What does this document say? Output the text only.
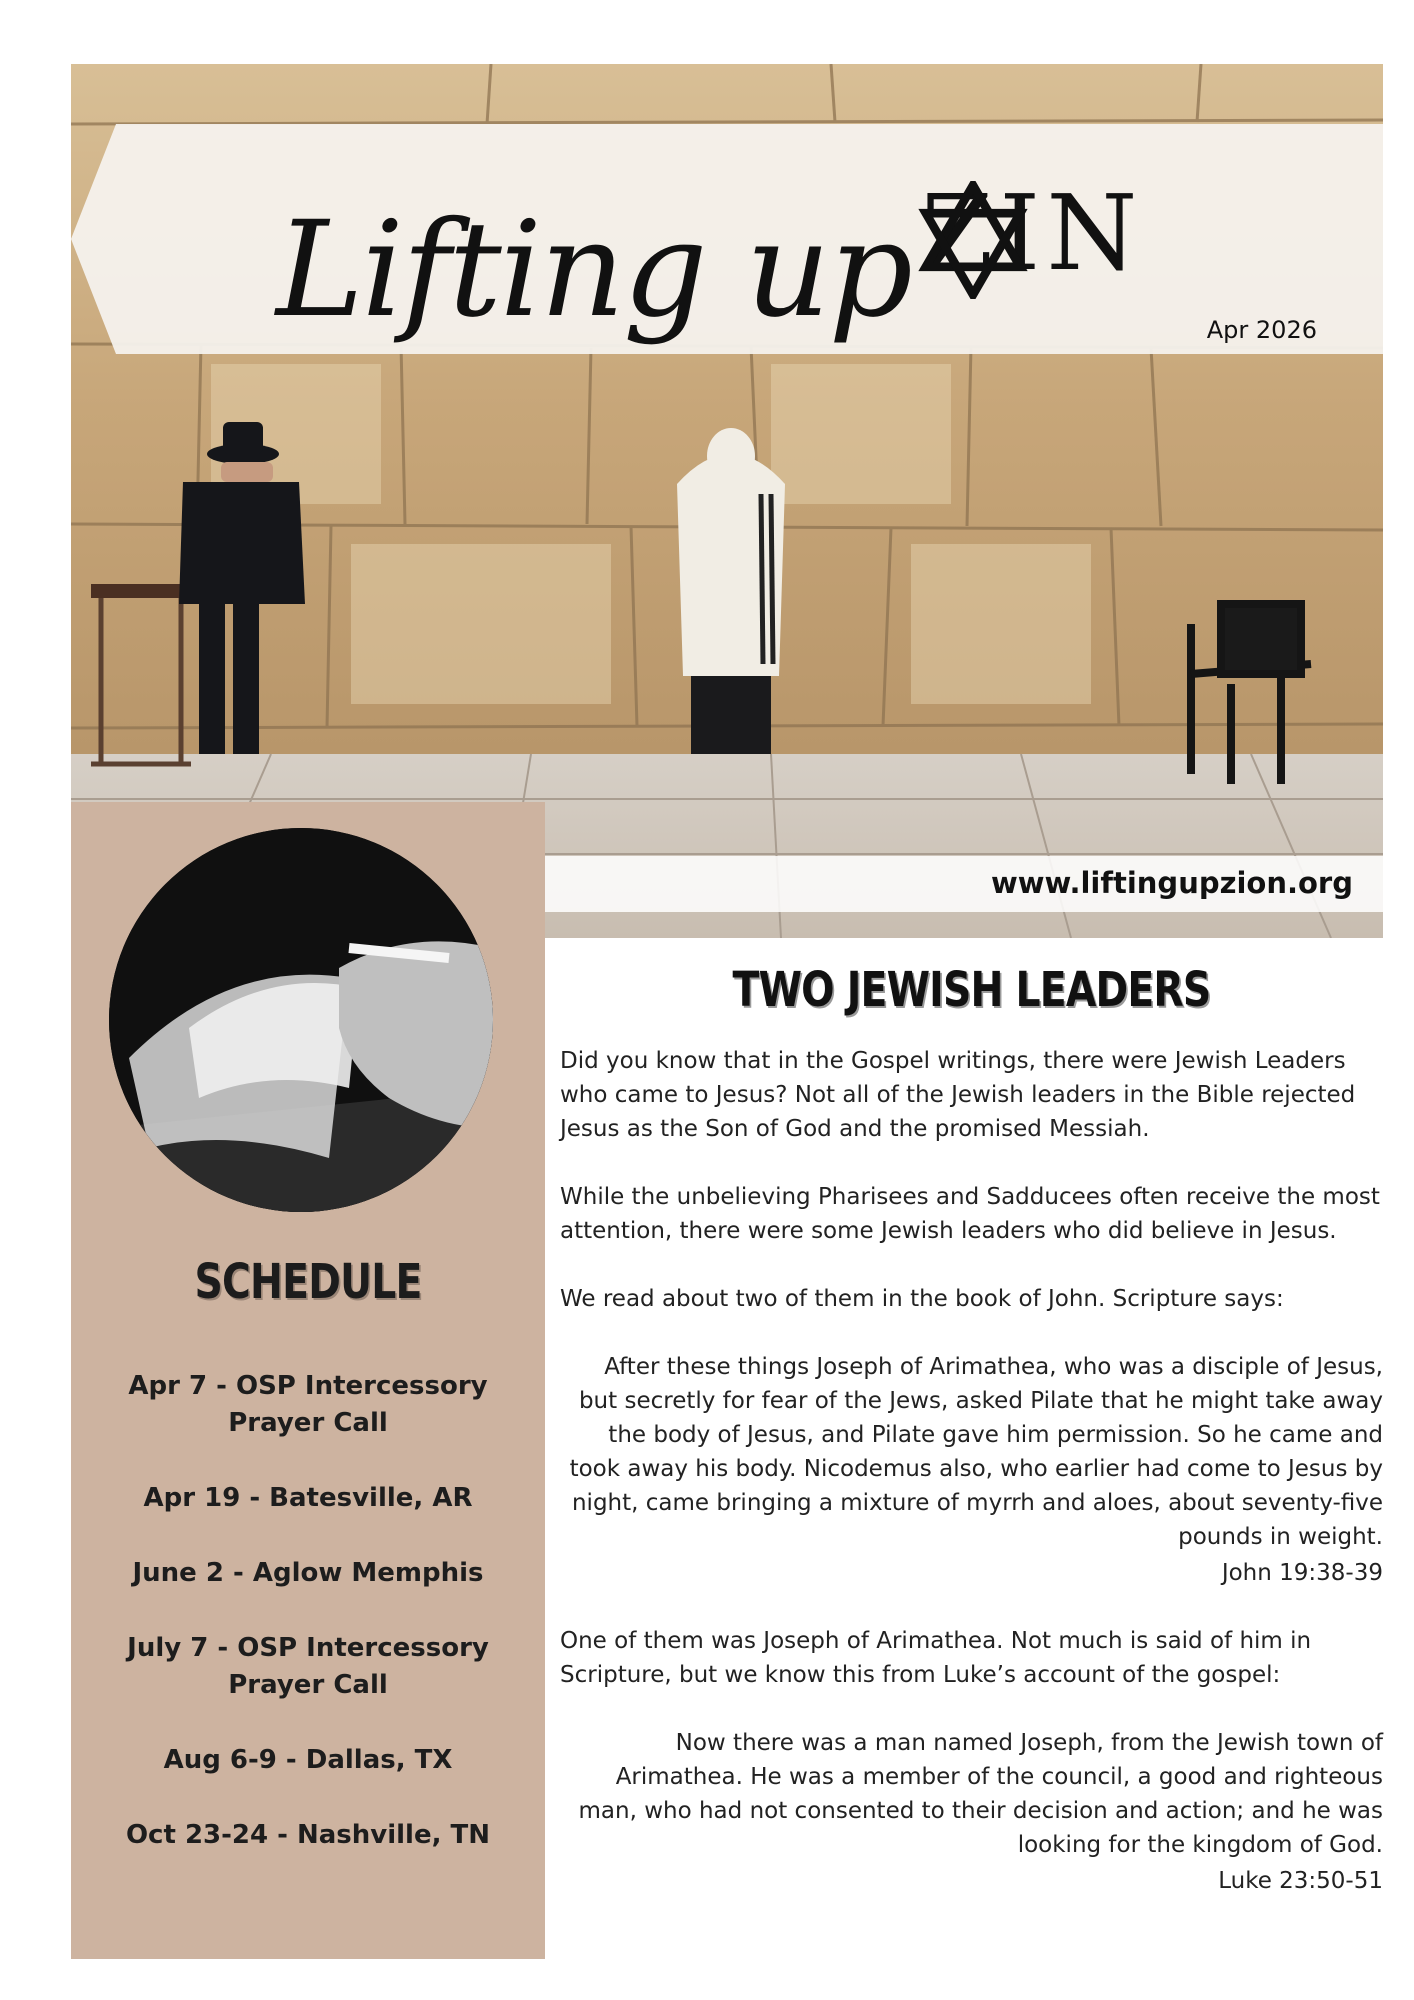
Lifting up ZI N
Apr 2026
www.liftingupzion.org
SCHEDULE
Apr 7 - OSP Intercessory Prayer Call
Apr 19 - Batesville, AR
June 2 - Aglow Memphis
July 7 - OSP Intercessory Prayer Call
Aug 6-9 - Dallas, TX
Oct 23-24 - Nashville, TN
TWO JEWISH LEADERS

Did you know that in the Gospel writings, there were Jewish Leaders who came to Jesus? Not all of the Jewish leaders in the Bible rejected Jesus as the Son of God and the promised Messiah.

While the unbelieving Pharisees and Sadducees often receive the most attention, there were some Jewish leaders who did believe in Jesus.

We read about two of them in the book of John. Scripture says:

After these things Joseph of Arimathea, who was a disciple of Jesus, but secretly for fear of the Jews, asked Pilate that he might take away the body of Jesus, and Pilate gave him permission. So he came and took away his body. Nicodemus also, who earlier had come to Jesus by night, came bringing a mixture of myrrh and aloes, about seventy-five pounds in weight.

John 19:38-39

One of them was Joseph of Arimathea. Not much is said of him in Scripture, but we know this from Luke’s account of the gospel:

Now there was a man named Joseph, from the Jewish town of Arimathea. He was a member of the council, a good and righteous man, who had not consented to their decision and action; and he was looking for the kingdom of God.

Luke 23:50-51
